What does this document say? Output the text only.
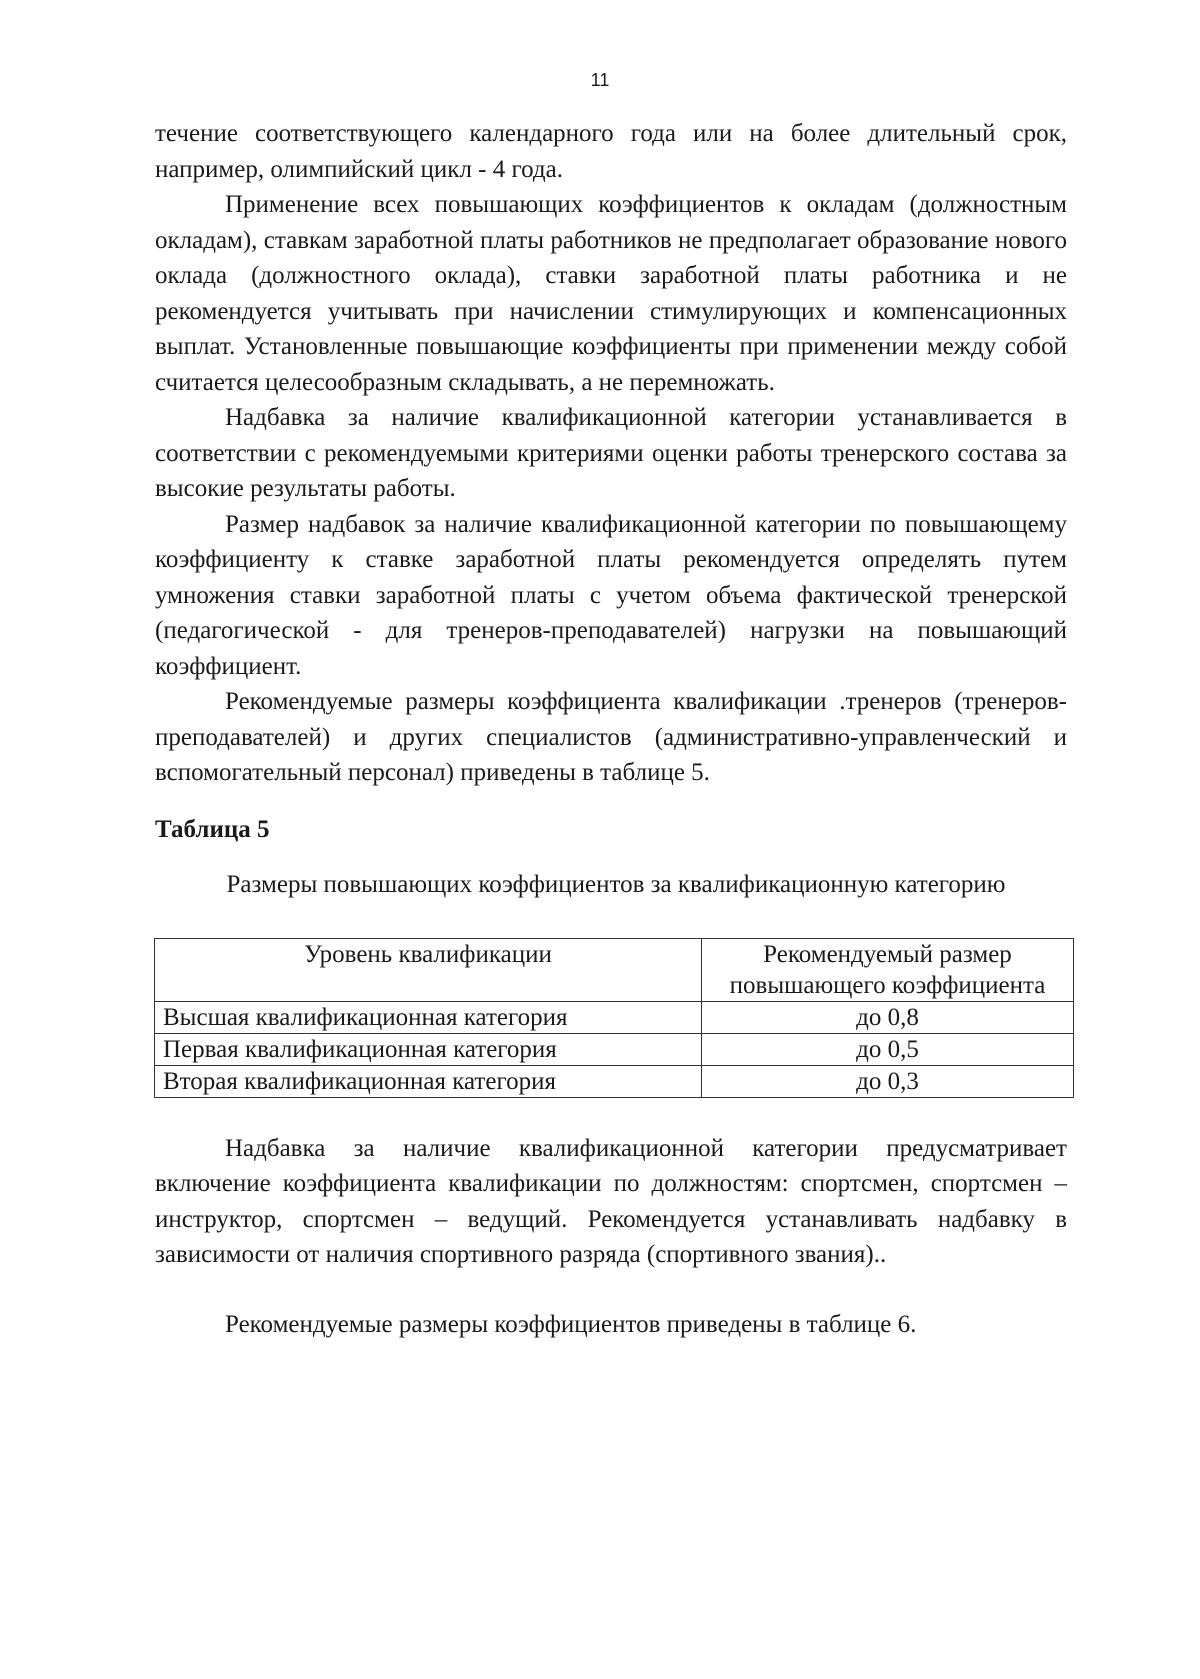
11

течение соответствующего календарного года или на более длительный срок, например, олимпийский цикл - 4 года.

Применение всех повышающих коэффициентов к окладам (должностным окладам), ставкам заработной платы работников не предполагает образование нового оклада (должностного оклада), ставки заработной платы работника и не рекомендуется учитывать при начислении стимулирующих и компенсационных выплат. Установленные повышающие коэффициенты при применении между собой считается целесообразным складывать, а не перемножать.

Надбавка за наличие квалификационной категории устанавливается в соответствии с рекомендуемыми критериями оценки работы тренерского состава за высокие результаты работы.

Размер надбавок за наличие квалификационной категории по повышающему коэффициенту к ставке заработной платы рекомендуется определять путем умножения ставки заработной платы с учетом объема фактической тренерской (педагогической - для тренеров-преподавателей) нагрузки на повышающий коэффициент.

Рекомендуемые размеры коэффициента квалификации .тренеров (тренеров-преподавателей) и других специалистов (административно-управленческий и вспомогательный персонал) приведены в таблице 5.

Таблица 5

Размеры повышающих коэффициентов за квалификационную категорию

Уровень квалификации	Рекомендуемый размер повышающего коэффициента
Высшая квалификационная категория	до 0,8
Первая квалификационная категория	до 0,5
Вторая квалификационная категория	до 0,3

Надбавка за наличие квалификационной категории предусматривает включение коэффициента квалификации по должностям: спортсмен, спортсмен – инструктор, спортсмен – ведущий. Рекомендуется устанавливать надбавку в зависимости от наличия спортивного разряда (спортивного звания)..

Рекомендуемые размеры коэффициентов приведены в таблице 6.
